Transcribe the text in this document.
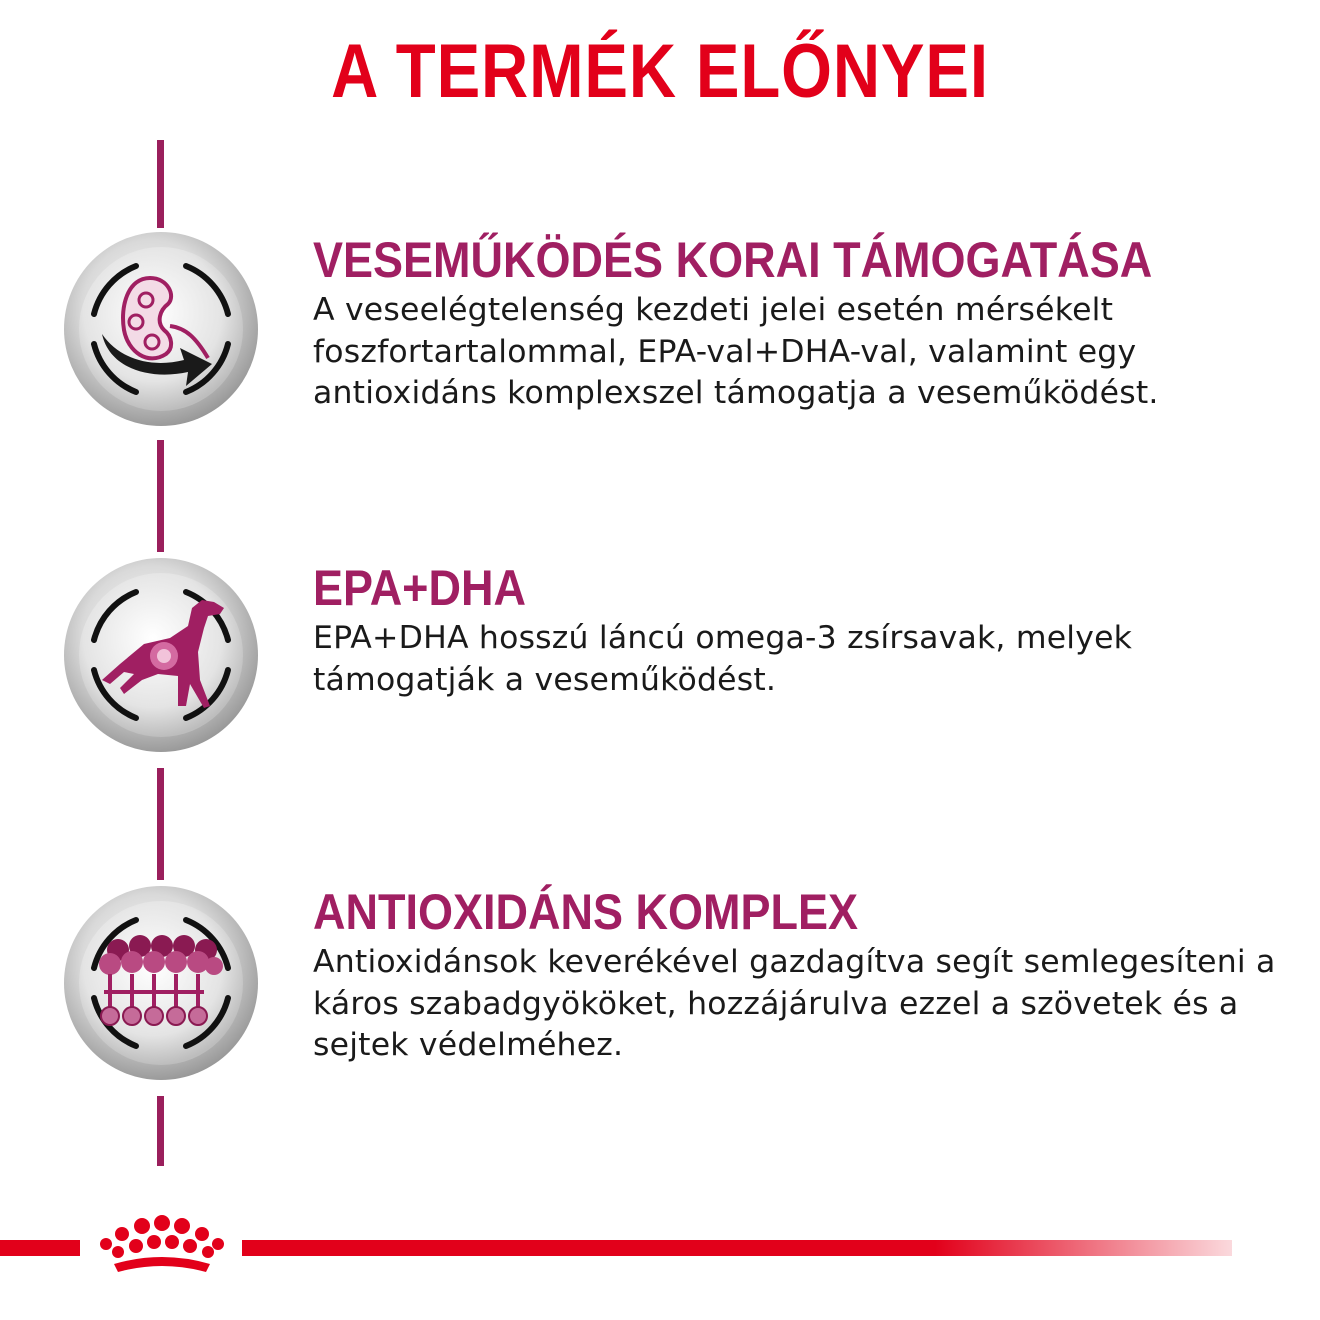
A TERMÉK ELŐNYEI
VESEMŰKÖDÉS KORAI TÁMOGATÁSA
A veseelégtelenség kezdeti jelei esetén mérsékelt foszfortartalommal, EPA-val+DHA-val, valamint egy antioxidáns komplexszel támogatja a veseműködést.
EPA+DHA
EPA+DHA hosszú láncú omega-3 zsírsavak, melyek támogatják a veseműködést.
ANTIOXIDÁNS KOMPLEX
Antioxidánsok keverékével gazdagítva segít semlegesíteni a káros szabadgyököket, hozzájárulva ezzel a szövetek és a sejtek védelméhez.
